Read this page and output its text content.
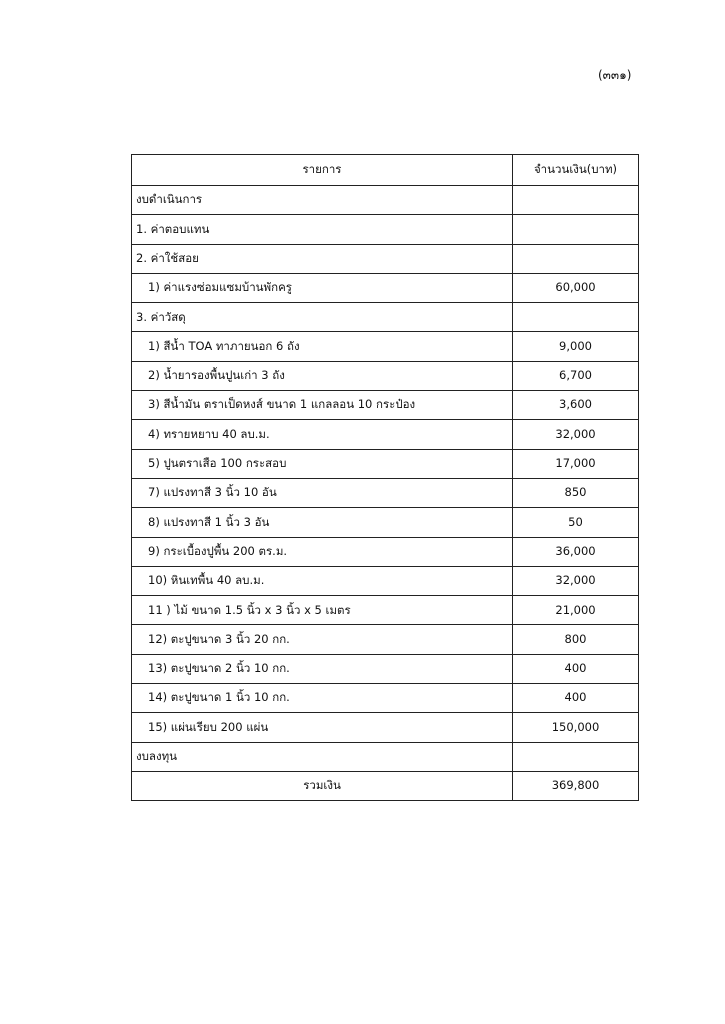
(๓๓๑)
รายการ	จำนวนเงิน(บาท)
งบดำเนินการ	
1. ค่าตอบแทน	
2. ค่าใช้สอย	
1) ค่าแรงซ่อมแซมบ้านพักครู	60,000
3. ค่าวัสดุ	
1) สีน้ำ TOA ทาภายนอก 6 ถัง	9,000
2) น้ำยารองพื้นปูนเก่า 3 ถัง	6,700
3) สีน้ำมัน ตราเป็ดหงส์ ขนาด 1 แกลลอน 10 กระป๋อง	3,600
4) ทรายหยาบ 40 ลบ.ม.	32,000
5) ปูนตราเสือ 100 กระสอบ	17,000
7) แปรงทาสี 3 นิ้ว 10 อัน	850
8) แปรงทาสี 1 นิ้ว 3 อัน	50
9) กระเบื้องปูพื้น 200 ตร.ม.	36,000
10) หินเทพื้น 40 ลบ.ม.	32,000
11 ) ไม้ ขนาด 1.5 นิ้ว x 3 นิ้ว x 5 เมตร	21,000
12) ตะปูขนาด 3 นิ้ว 20 กก.	800
13) ตะปูขนาด 2 นิ้ว 10 กก.	400
14) ตะปูขนาด 1 นิ้ว 10 กก.	400
15) แผ่นเรียบ 200 แผ่น	150,000
งบลงทุน	
รวมเงิน	369,800
